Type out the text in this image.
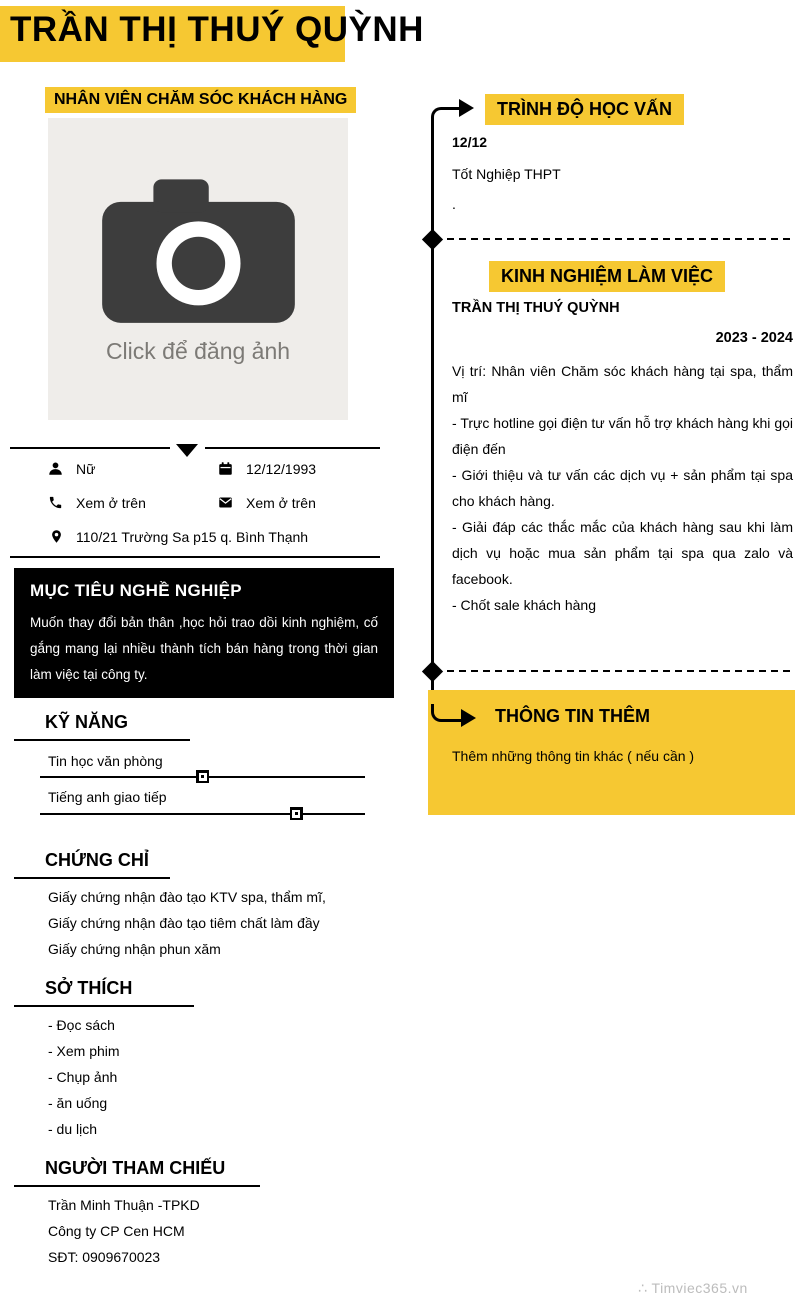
TRẦN THỊ THUÝ QUỲNH
NHÂN VIÊN CHĂM SÓC KHÁCH HÀNG
Click để đăng ảnh
Nữ	12/12/1993
Xem ở trên	Xem ở trên
110/21 Trường Sa p15 q. Bình Thạnh
MỤC TIÊU NGHỀ NGHIỆP

Muốn thay đổi bản thân ,học hỏi trao dồi kinh nghiệm, cố gắng mang lại nhiều thành tích bán hàng trong thời gian làm việc tại công ty.

KỸ NĂNG
Tin học văn phòng
Tiếng anh giao tiếp
CHỨNG CHỈ
Giấy chứng nhận đào tạo KTV spa, thẩm mĩ,
Giấy chứng nhận đào tạo tiêm chất làm đầy
Giấy chứng nhận phun xăm
SỞ THÍCH
- Đọc sách
- Xem phim
- Chụp ảnh
- ăn uống
- du lịch
NGƯỜI THAM CHIẾU
Trần Minh Thuận -TPKD
Công ty CP Cen HCM
SĐT: 0909670023
TRÌNH ĐỘ HỌC VẤN
12/12
Tốt Nghiệp THPT
.
KINH NGHIỆM LÀM VIỆC
TRẦN THỊ THUÝ QUỲNH
2023 - 2024
Vị trí: Nhân viên Chăm sóc khách hàng tại spa, thẩm mĩ
- Trực hotline gọi điện tư vấn hỗ trợ khách hàng khi gọi điện đến
- Giới thiệu và tư vấn các dịch vụ + sản phẩm tại spa cho khách hàng.
- Giải đáp các thắc mắc của khách hàng sau khi làm dịch vụ hoặc mua sản phẩm tại spa qua zalo và facebook.
- Chốt sale khách hàng
THÔNG TIN THÊM
Thêm những thông tin khác ( nếu cần )
∴ Timviec365.vn
